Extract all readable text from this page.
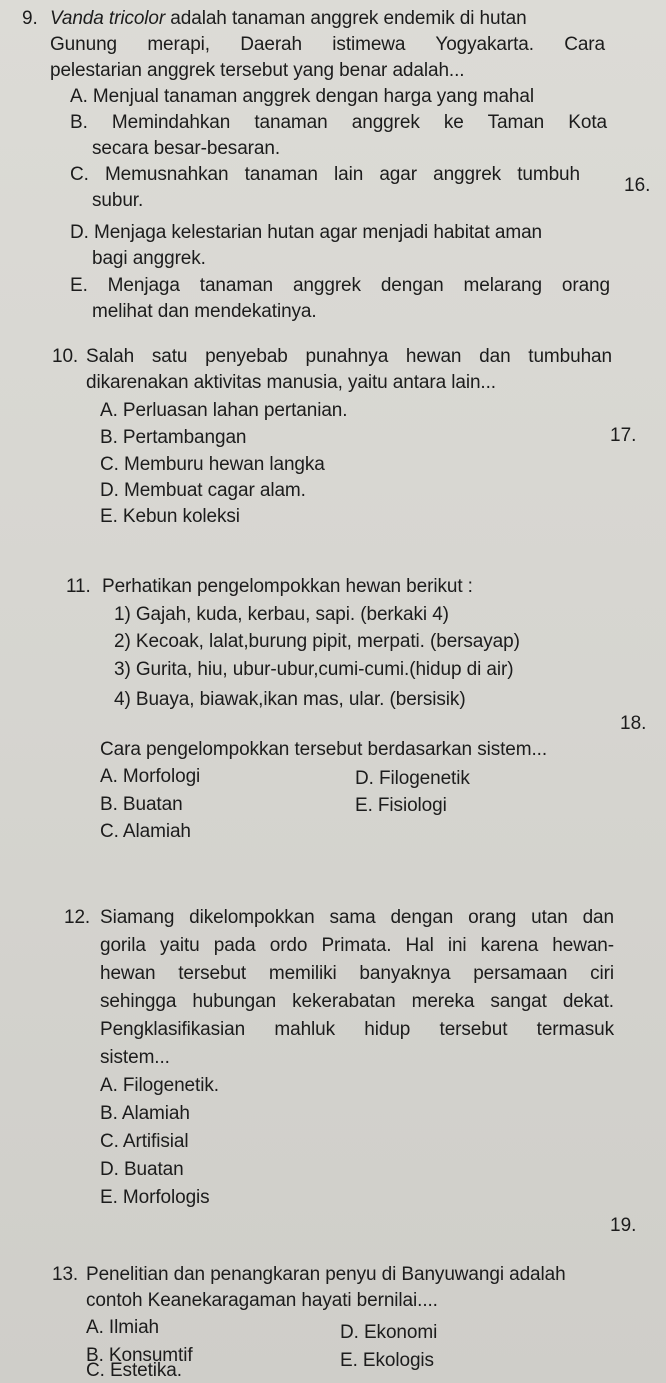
9. Vanda tricolor adalah tanaman anggrek endemik di hutan
Gunung merapi, Daerah istimewa Yogyakarta. Cara
pelestarian anggrek tersebut yang benar adalah...
A. Menjual tanaman anggrek dengan harga yang mahal
B. Memindahkan tanaman anggrek ke Taman Kota
secara besar-besaran.
C. Memusnahkan tanaman lain agar anggrek tumbuh
subur.
D. Menjaga kelestarian hutan agar menjadi habitat aman
bagi anggrek.
E. Menjaga tanaman anggrek dengan melarang orang
melihat dan mendekatinya.
16.
10. Salah satu penyebab punahnya hewan dan tumbuhan
dikarenakan aktivitas manusia, yaitu antara lain...
A. Perluasan lahan pertanian.
B. Pertambangan
C. Memburu hewan langka
D. Membuat cagar alam.
E. Kebun koleksi
17.
11. Perhatikan pengelompokkan hewan berikut :
1) Gajah, kuda, kerbau, sapi. (berkaki 4)
2) Kecoak, lalat,burung pipit, merpati. (bersayap)
3) Gurita, hiu, ubur-ubur,cumi-cumi.(hidup di air)
4) Buaya, biawak,ikan mas, ular. (bersisik)
Cara pengelompokkan tersebut berdasarkan sistem...
A. Morfologi
B. Buatan
C. Alamiah
D. Filogenetik
E. Fisiologi
18.
12. Siamang dikelompokkan sama dengan orang utan dan
gorila yaitu pada ordo Primata. Hal ini karena hewan-
hewan tersebut memiliki banyaknya persamaan ciri
sehingga hubungan kekerabatan mereka sangat dekat.
Pengklasifikasian mahluk hidup tersebut termasuk
sistem...
A. Filogenetik.
B. Alamiah
C. Artifisial
D. Buatan
E. Morfologis
19.
13. Penelitian dan penangkaran penyu di Banyuwangi adalah
contoh Keanekaragaman hayati bernilai....
A. Ilmiah
B. Konsumtif
C. Estetika.
D. Ekonomi
E. Ekologis
